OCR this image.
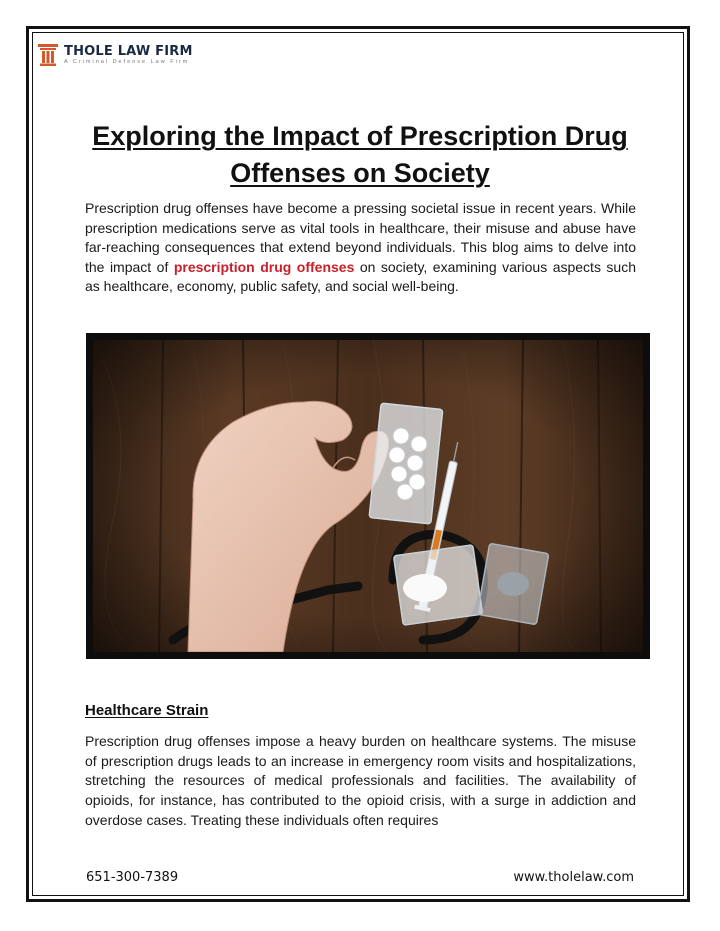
THOLE LAW FIRM
A Criminal Defense Law Firm
Exploring the Impact of Prescription Drug Offenses on Society

Prescription drug offenses have become a pressing societal issue in recent years. While prescription medications serve as vital tools in healthcare, their misuse and abuse have far-reaching consequences that extend beyond individuals. This blog aims to delve into the impact of prescription drug offenses on society, examining various aspects such as healthcare, economy, public safety, and social well-being.

Healthcare Strain

Prescription drug offenses impose a heavy burden on healthcare systems. The misuse of prescription drugs leads to an increase in emergency room visits and hospitalizations, stretching the resources of medical professionals and facilities. The availability of opioids, for instance, has contributed to the opioid crisis, with a surge in addiction and overdose cases. Treating these individuals often requires

651-300-7389	www.tholelaw.com
